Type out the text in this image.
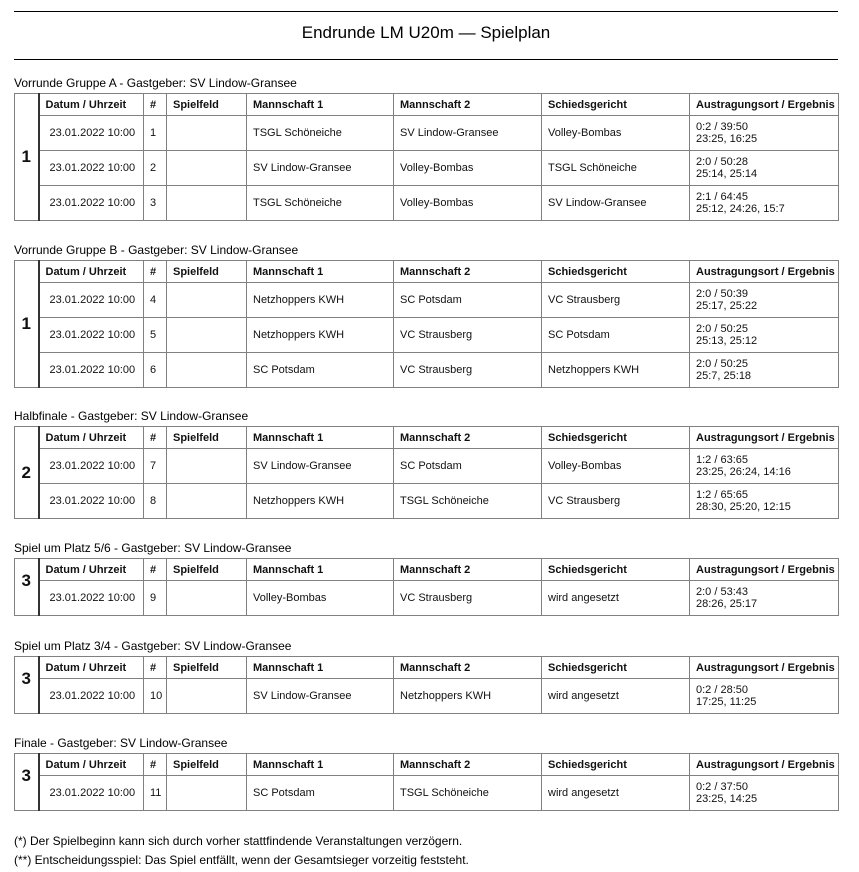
Endrunde LM U20m — Spielplan
Vorrunde Gruppe A - Gastgeber: SV Lindow-Gransee
1	Datum / Uhrzeit	#	Spielfeld	Mannschaft 1	Mannschaft 2	Schiedsgericht	Austragungsort / Ergebnis
	23.01.2022 10:00	1		TSGL Schöneiche	SV Lindow-Gransee	Volley-Bombas	0:2 / 39:50
23:25, 16:25

	23.01.2022 10:00	2		SV Lindow-Gransee	Volley-Bombas	TSGL Schöneiche	2:0 / 50:28
25:14, 25:14

	23.01.2022 10:00	3		TSGL Schöneiche	Volley-Bombas	SV Lindow-Gransee	2:1 / 64:45
25:12, 24:26, 15:7
Vorrunde Gruppe B - Gastgeber: SV Lindow-Gransee
1	Datum / Uhrzeit	#	Spielfeld	Mannschaft 1	Mannschaft 2	Schiedsgericht	Austragungsort / Ergebnis
	23.01.2022 10:00	4		Netzhoppers KWH	SC Potsdam	VC Strausberg	2:0 / 50:39
25:17, 25:22

	23.01.2022 10:00	5		Netzhoppers KWH	VC Strausberg	SC Potsdam	2:0 / 50:25
25:13, 25:12

	23.01.2022 10:00	6		SC Potsdam	VC Strausberg	Netzhoppers KWH	2:0 / 50:25
25:7, 25:18
Halbfinale - Gastgeber: SV Lindow-Gransee
2	Datum / Uhrzeit	#	Spielfeld	Mannschaft 1	Mannschaft 2	Schiedsgericht	Austragungsort / Ergebnis
	23.01.2022 10:00	7		SV Lindow-Gransee	SC Potsdam	Volley-Bombas	1:2 / 63:65
23:25, 26:24, 14:16

	23.01.2022 10:00	8		Netzhoppers KWH	TSGL Schöneiche	VC Strausberg	1:2 / 65:65
28:30, 25:20, 12:15
Spiel um Platz 5/6 - Gastgeber: SV Lindow-Gransee
3	Datum / Uhrzeit	#	Spielfeld	Mannschaft 1	Mannschaft 2	Schiedsgericht	Austragungsort / Ergebnis
	23.01.2022 10:00	9		Volley-Bombas	VC Strausberg	wird angesetzt	2:0 / 53:43
28:26, 25:17
Spiel um Platz 3/4 - Gastgeber: SV Lindow-Gransee
3	Datum / Uhrzeit	#	Spielfeld	Mannschaft 1	Mannschaft 2	Schiedsgericht	Austragungsort / Ergebnis
	23.01.2022 10:00	10		SV Lindow-Gransee	Netzhoppers KWH	wird angesetzt	0:2 / 28:50
17:25, 11:25
Finale - Gastgeber: SV Lindow-Gransee
3	Datum / Uhrzeit	#	Spielfeld	Mannschaft 1	Mannschaft 2	Schiedsgericht	Austragungsort / Ergebnis
	23.01.2022 10:00	11		SC Potsdam	TSGL Schöneiche	wird angesetzt	0:2 / 37:50
23:25, 14:25
(*) Der Spielbeginn kann sich durch vorher stattfindende Veranstaltungen verzögern.
(**) Entscheidungsspiel: Das Spiel entfällt, wenn der Gesamtsieger vorzeitig feststeht.
